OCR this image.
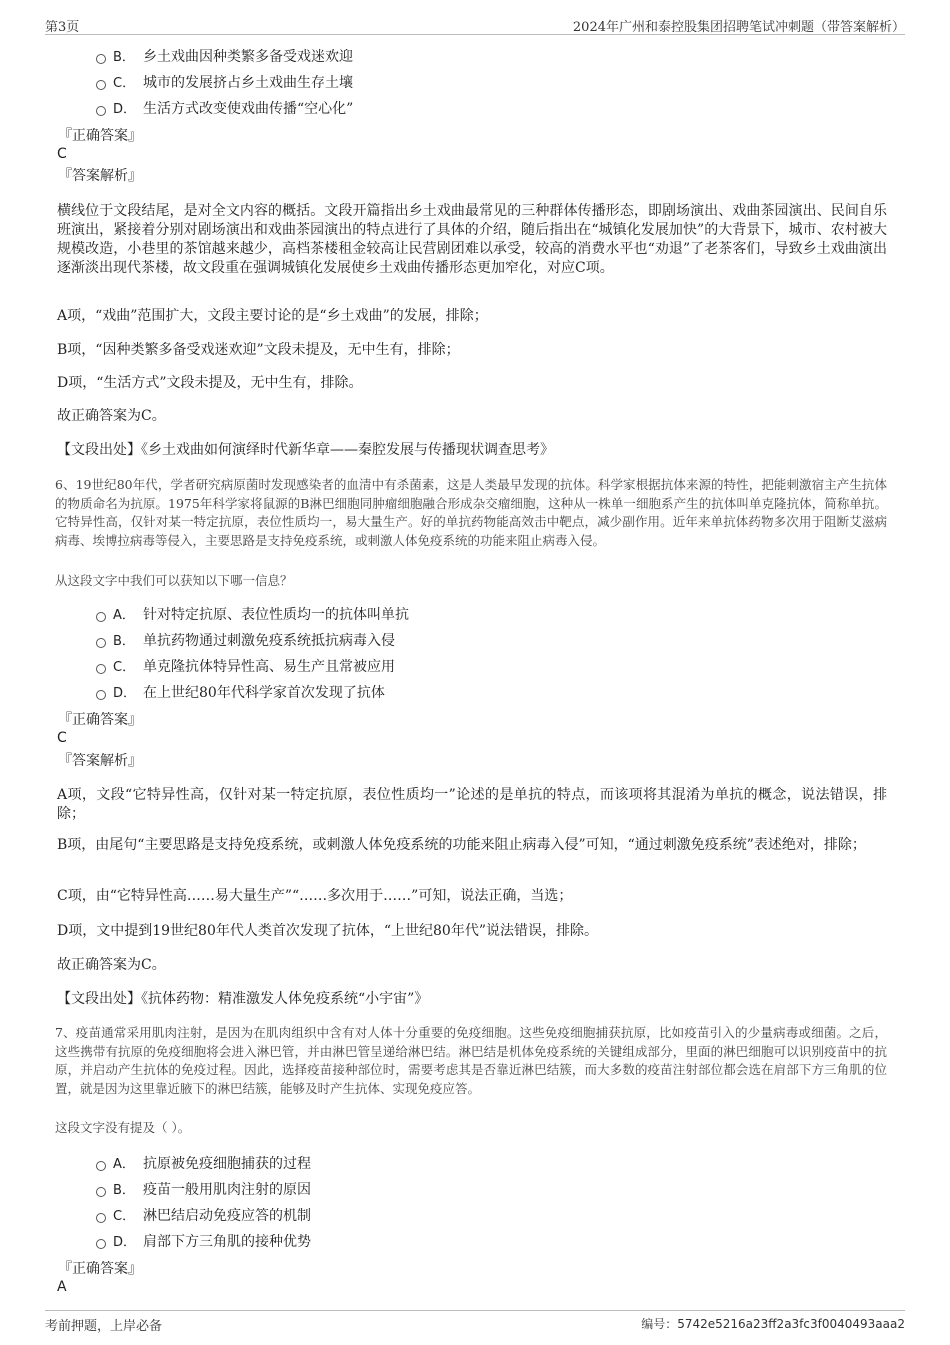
第3页	2024年广州和泰控股集团招聘笔试冲刺题（带答案解析）
B． 乡土戏曲因种类繁多备受戏迷欢迎
C． 城市的发展挤占乡土戏曲生存土壤
D． 生活方式改变使戏曲传播“空心化”
『正确答案』
C
『答案解析』
横线位于文段结尾，是对全文内容的概括。文段开篇指出乡土戏曲最常见的三种群体传播形态，即剧场演出、戏曲茶园演出、民间自乐班演出，紧接着分别对剧场演出和戏曲茶园演出的特点进行了具体的介绍，随后指出在“城镇化发展加快”的大背景下，城市、农村被大规模改造，小巷里的茶馆越来越少，高档茶楼租金较高让民营剧团难以承受，较高的消费水平也“劝退”了老茶客们，导致乡土戏曲演出逐渐淡出现代茶楼，故文段重在强调城镇化发展使乡土戏曲传播形态更加窄化，对应C项。
A项，“戏曲”范围扩大，文段主要讨论的是“乡土戏曲”的发展，排除；
B项，“因种类繁多备受戏迷欢迎”文段未提及，无中生有，排除；
D项，“生活方式”文段未提及，无中生有，排除。
故正确答案为C。
【文段出处】《乡土戏曲如何演绎时代新华章——秦腔发展与传播现状调查思考》
6、19世纪80年代，学者研究病原菌时发现感染者的血清中有杀菌素，这是人类最早发现的抗体。科学家根据抗体来源的特性，把能刺激宿主产生抗体的物质命名为抗原。1975年科学家将鼠源的B淋巴细胞同肿瘤细胞融合形成杂交瘤细胞，这种从一株单一细胞系产生的抗体叫单克隆抗体，简称单抗。它特异性高，仅针对某一特定抗原，表位性质均一，易大量生产。好的单抗药物能高效击中靶点，减少副作用。近年来单抗体药物多次用于阻断艾滋病病毒、埃博拉病毒等侵入，主要思路是支持免疫系统，或刺激人体免疫系统的功能来阻止病毒入侵。
从这段文字中我们可以获知以下哪一信息？
A． 针对特定抗原、表位性质均一的抗体叫单抗
B． 单抗药物通过刺激免疫系统抵抗病毒入侵
C． 单克隆抗体特异性高、易生产且常被应用
D． 在上世纪80年代科学家首次发现了抗体
『正确答案』
C
『答案解析』
A项，文段“它特异性高，仅针对某一特定抗原，表位性质均一”论述的是单抗的特点，而该项将其混淆为单抗的概念，说法错误，排除；
B项，由尾句“主要思路是支持免疫系统，或刺激人体免疫系统的功能来阻止病毒入侵”可知，“通过刺激免疫系统”表述绝对，排除；
C项，由“它特异性高……易大量生产”“……多次用于……”可知，说法正确，当选；
D项，文中提到19世纪80年代人类首次发现了抗体，“上世纪80年代”说法错误，排除。
故正确答案为C。
【文段出处】《抗体药物：精准激发人体免疫系统“小宇宙”》
7、疫苗通常采用肌肉注射，是因为在肌肉组织中含有对人体十分重要的免疫细胞。这些免疫细胞捕获抗原，比如疫苗引入的少量病毒或细菌。之后，这些携带有抗原的免疫细胞将会进入淋巴管，并由淋巴管呈递给淋巴结。淋巴结是机体免疫系统的关键组成部分，里面的淋巴细胞可以识别疫苗中的抗原，并启动产生抗体的免疫过程。因此，选择疫苗接种部位时，需要考虑其是否靠近淋巴结簇，而大多数的疫苗注射部位都会选在肩部下方三角肌的位置，就是因为这里靠近腋下的淋巴结簇，能够及时产生抗体、实现免疫应答。
这段文字没有提及（ ）。
A． 抗原被免疫细胞捕获的过程
B． 疫苗一般用肌肉注射的原因
C． 淋巴结启动免疫应答的机制
D． 肩部下方三角肌的接种优势
『正确答案』
A
考前押题，上岸必备	编号：5742e5216a23ff2a3fc3f0040493aaa2
